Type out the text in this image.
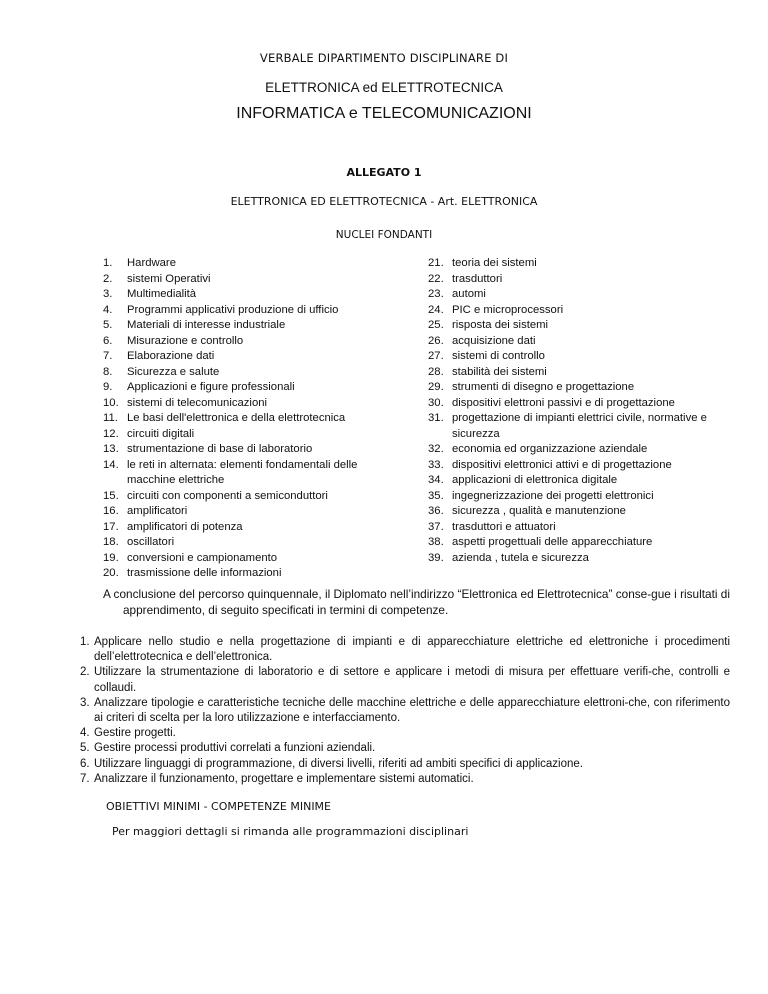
VERBALE DIPARTIMENTO DISCIPLINARE DI
ELETTRONICA ed ELETTROTECNICA
INFORMATICA e TELECOMUNICAZIONI
ALLEGATO 1
ELETTRONICA ED ELETTROTECNICA - Art. ELETTRONICA
NUCLEI FONDANTI
1. Hardware
2. sistemi Operativi
3. Multimedialità
4. Programmi applicativi produzione di ufficio
5. Materiali di interesse industriale
6. Misurazione e controllo
7. Elaborazione dati
8. Sicurezza e salute
9. Applicazioni e figure professionali
10. sistemi di telecomunicazioni
11. Le basi dell'elettronica e della elettrotecnica
12. circuiti digitali
13. strumentazione di base di laboratorio
14. le reti in alternata: elementi fondamentali delle macchine elettriche
15. circuiti con componenti a semiconduttori
16. amplificatori
17. amplificatori di potenza
18. oscillatori
19. conversioni e campionamento
20. trasmissione delle informazioni
21. teoria dei sistemi
22. trasduttori
23. automi
24. PIC e microprocessori
25. risposta dei sistemi
26. acquisizione dati
27. sistemi di controllo
28. stabilità dei sistemi
29. strumenti di disegno e progettazione
30. dispositivi elettroni passivi e di progettazione
31. progettazione di impianti elettrici civile, normative e sicurezza
32. economia ed organizzazione aziendale
33. dispositivi elettronici attivi e di progettazione
34. applicazioni di elettronica digitale
35. ingegnerizzazione dei progetti elettronici
36. sicurezza , qualità e manutenzione
37. trasduttori e attuatori
38. aspetti progettuali delle apparecchiature
39. azienda , tutela e sicurezza
A conclusione del percorso quinquennale, il Diplomato nell’indirizzo “Elettronica ed Elettrotecnica” conse-gue i risultati di apprendimento, di seguito specificati in termini di competenze.
1. Applicare nello studio e nella progettazione di impianti e di apparecchiature elettriche ed elettroniche i procedimenti dell’elettrotecnica e dell’elettronica.
2. Utilizzare la strumentazione di laboratorio e di settore e applicare i metodi di misura per effettuare verifi-che, controlli e collaudi.
3. Analizzare tipologie e caratteristiche tecniche delle macchine elettriche e delle apparecchiature elettroni-che, con riferimento ai criteri di scelta per la loro utilizzazione e interfacciamento.
4. Gestire progetti.
5. Gestire processi produttivi correlati a funzioni aziendali.
6. Utilizzare linguaggi di programmazione, di diversi livelli, riferiti ad ambiti specifici di applicazione.
7. Analizzare il funzionamento, progettare e implementare sistemi automatici.
OBIETTIVI MINIMI - COMPETENZE MINIME
Per maggiori dettagli si rimanda alle programmazioni disciplinari
